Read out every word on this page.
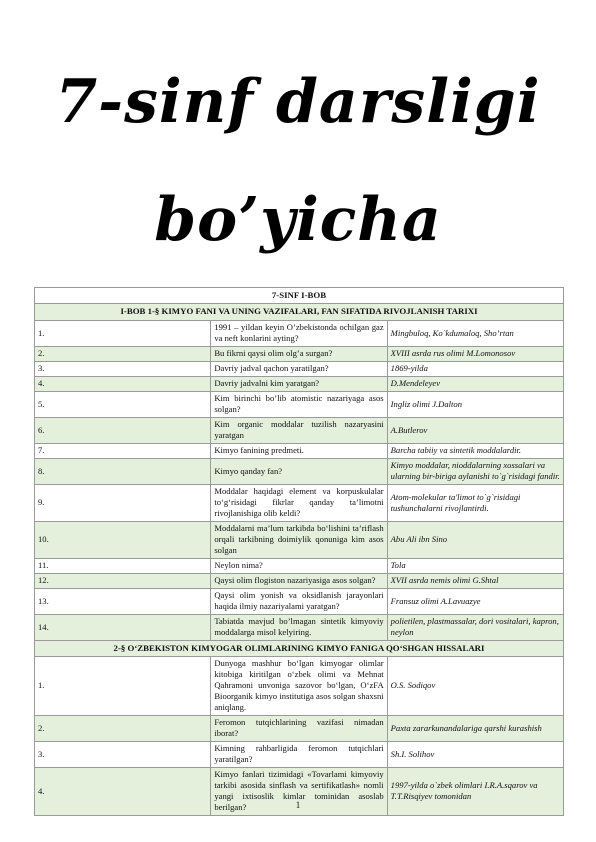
7-sinf darsligi
bo’yicha
7-SINF I-BOB		
I-BOB 1-§ KIMYO FANI VA UNING VAZIFALARI, FAN SIFATIDA RIVOJLANISH TARIXI		
1.	1991 – yildan keyin O’zbekistonda ochilgan gaz va neft konlarini ayting?	Mingbuloq, Ko`kdumaloq, Sho’rtan
2.	Bu fikrni qaysi olim olg’a surgan?	XVIII asrda rus olimi M.Lomonosov
3.	Davriy jadval qachon yaratilgan?	1869-yilda
4.	Davriy jadvalni kim yaratgan?	D.Mendeleyev
5.	Kim birinchi bo’lib atomistic nazariyaga asos solgan?	Ingliz olimi J.Dalton
6.	Kim organic moddalar tuzilish nazaryasini yaratgan	A.Butlerov
7.	Kimyo fanining predmeti.	Barcha tabiiy va sintetik moddalardir.
8.	Kimyo qanday fan?	Kimyo moddalar, nioddalarning xossalari va ularning bir-biriga aylanishi to`g`risidagi fandir.
9.	Moddalar haqidagi element va korpuskulalar to‘g‘risidagi fikrlar qanday ta’limotni rivojlanishiga olib keldi?	Atom-molekular ta'limot to`g`risidagi tushunchalarni rivojlantirdi.
10.	Moddalarni ma’lum tarkibda bo‘lishini ta’riflash orqali tarkibning doimiylik qonuniga kim asos solgan	Abu Ali ibn Sino
11.	Neylon nima?	Tola
12.	Qaysi olim flogiston nazariyasiga asos solgan?	XVII asrda nemis olimi G.Shtal
13.	Qaysi olim yonish va oksidlanish jarayonlari haqida ilmiy nazariyalami yaratgan?	Fransuz olimi A.Lavuazye
14.	Tabiatda mavjud bo’lmagan sintetik kimyoviy moddalarga misol kelyiring.	polietilen, plastmassalar, dori vositalari, kapron, neylon
2-§ O‘ZBEKISTON KIMYOGAR OLIMLARINING KIMYO FANIGA QO‘SHGAN HISSALARI		
1.	Dunyoga mashhur bo‘lgan kimyogar olimlar kitobiga kiritilgan o‘zbek olimi va Mehnat Qahramoni unvoniga sazovor bo‘lgan, O‘zFA Bioorganik kimyo institutiga asos solgan shaxsni aniqlang.	O.S. Sodiqov
2.	Feromon tutqichlarining vazifasi nimadan iborat?	Paxta zararkunandalariga qarshi kurashish
3.	Kimning rahbarligida feromon tutqichlari yaratilgan?	Sh.I. Solihov
4.	Kimyo fanlari tizimidagi «Tovarlami kimyoviy tarkibi asosida sinflash va sertifikatlash» nomli yangi ixtisoslik kimlar tominidan asoslab berilgan?	1997-yilda o`zbek olimlari I.R.A.sqarov va T.T.Risqiyev tomonidan
1
